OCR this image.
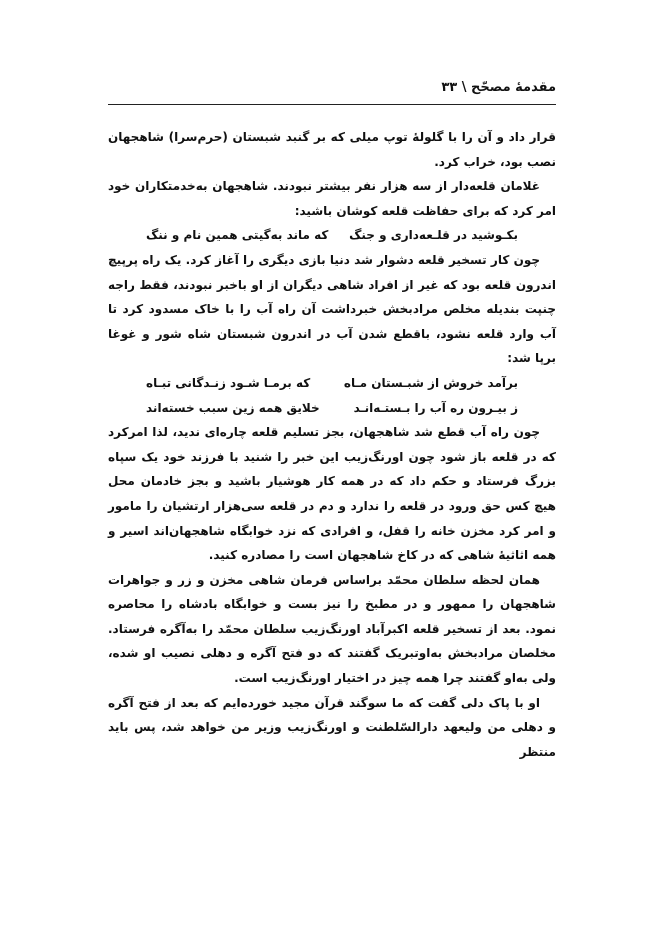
مقدمهٔ مصحّح \ ۳۳

قرار داد و آن را با گلولهٔ توپ میلی که بر گنبد شبستان (حرم‌سرا) شاهجهان نصب بود، خراب کرد.

غلامان قلعه‌دار از سه هزار نفر بیشتر نبودند. شاهجهان به‌خدمتکاران خود امر کرد که برای حفاظت قلعه کوشان باشید:

بکـوشید در قلـعه‌داری و جنگ
که ماند به‌گیتی همین نام و ننگ

چون کار تسخیر قلعه دشوار شد دنیا بازی دیگری را آغاز کرد. یک راه پرپیچ اندرون قلعه بود که غیر از افراد شاهی دیگران از او باخبر نبودند، فقط راجه چنپت بندیله مخلص مرادبخش خبرداشت آن راه آب را با خاک مسدود کرد تا آب وارد قلعه نشود، باقطع شدن آب در اندرون شبستان شاه شور و غوغا برپا شد:

برآمد خروش از شبـستان مـاه
که برمـا شـود زنـدگانی تبـاه
ز بیـرون ره آب را بـستـه‌انـد
خلایق همه زین سبب خسته‌اند

چون راه آب قطع شد شاهجهان، بجز تسلیم قلعه چاره‌ای ندید، لذا امرکرد که در قلعه باز شود چون اورنگ‌زیب این خبر را شنید با فرزند خود یک سپاه بزرگ فرستاد و حکم داد که در همه کار هوشیار باشید و بجز خادمان محل هیچ کس حق ورود در قلعه را ندارد و دم در قلعه سی‌هزار ارتشیان را مامور و امر کرد مخزن خانه را قفل، و افرادی که نزد خوابگاه شاهجهان‌اند اسیر و همه اثاثیهٔ شاهی که در کاخ شاهجهان است را مصادره کنید.

همان لحظه سلطان محمّد براساس فرمان شاهی مخزن و زر و جواهرات شاهجهان را ممهور و در مطبخ را نیز بست و خوابگاه بادشاه را محاصره نمود. بعد از تسخیر قلعه اکبرآباد اورنگ‌زیب سلطان محمّد را به‌آگره فرستاد. مخلصان مرادبخش به‌اوتبریک گفتند که دو فتح آگره و دهلی نصیب او شده، ولی به‌او گفتند چرا همه چیز در اختیار اورنگ‌زیب است.

او با پاک دلی گفت که ما سوگند قرآن مجید خورده‌ایم که بعد از فتح آگره و دهلی من ولیعهد دارالسّلطنت و اورنگ‌زیب وزیر من خواهد شد، پس باید منتظر
